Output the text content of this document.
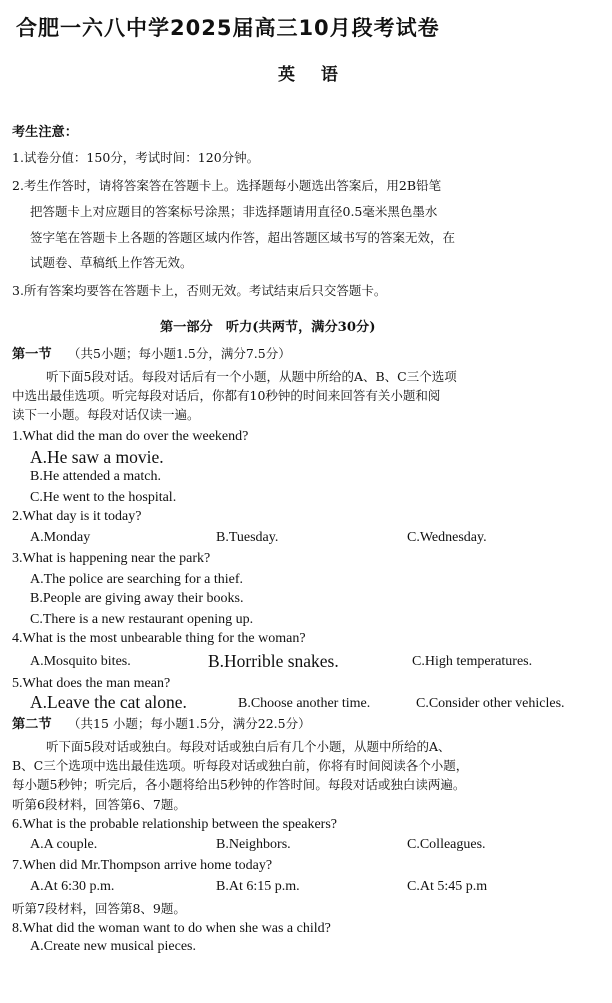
合肥一六八中学2025届高三10月段考试卷
英 语
考生注意：
1.试卷分值：150分，考试时间：120分钟。
2.考生作答时，请将答案答在答题卡上。选择题每小题选出答案后，用2B铅笔
把答题卡上对应题目的答案标号涂黑；非选择题请用直径0.5毫米黑色墨水
签字笔在答题卡上各题的答题区域内作答，超出答题区域书写的答案无效，在
试题卷、草稿纸上作答无效。
3.所有答案均要答在答题卡上，否则无效。考试结束后只交答题卡。
第一部分　听力(共两节，满分30分)
第一节 （共5小题；每小题1.5分，满分7.5分）
听下面5段对话。每段对话后有一个小题，从题中所给的A、B、C三个选项
中选出最佳选项。听完每段对话后，你都有10秒钟的时间来回答有关小题和阅
读下一小题。每段对话仅读一遍。
1.What did the man do over the weekend?
A.He saw a movie.
B.He attended a match.
C.He went to the hospital.
2.What day is it today?
A.Monday	B.Tuesday.	C.Wednesday.
3.What is happening near the park?
A.The police are searching for a thief.
B.People are giving away their books.
C.There is a new restaurant opening up.
4.What is the most unbearable thing for the woman?
A.Mosquito bites.	B.Horrible snakes.	C.High temperatures.
5.What does the man mean?
A.Leave the cat alone.	B.Choose another time.	C.Consider other vehicles.
第二节 （共15 小题；每小题1.5分，满分22.5分）
听下面5段对话或独白。每段对话或独白后有几个小题，从题中所给的A、
B、C三个选项中选出最佳选项。听每段对话或独白前，你将有时间阅读各个小题，
每小题5秒钟；听完后，各小题将给出5秒钟的作答时间。每段对话或独白读两遍。
听第6段材料，回答第6、7题。
6.What is the probable relationship between the speakers?
A.A couple.	B.Neighbors.	C.Colleagues.
7.When did Mr.Thompson arrive home today?
A.At 6:30 p.m.	B.At 6:15 p.m.	C.At 5:45 p.m
听第7段材料，回答第8、9题。
8.What did the woman want to do when she was a child?
A.Create new musical pieces.
